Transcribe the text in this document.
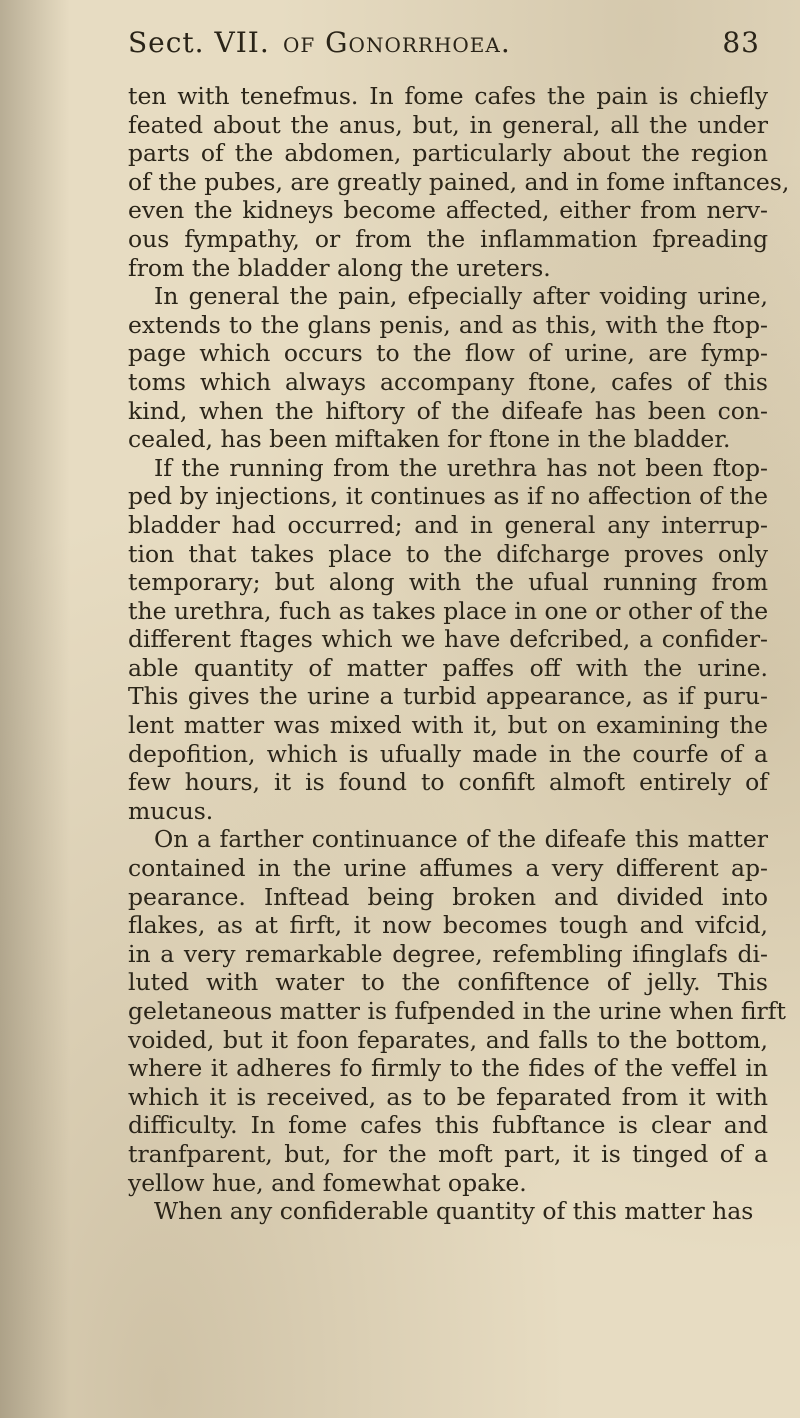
Sect. VII. of Gonorrhoea.	83
ten with tenefmus. In fome cafes the pain is chiefly
feated about the anus, but, in general, all the under
parts of the abdomen, particularly about the region
of the pubes, are greatly pained, and in fome inftances,
even the kidneys become affected, either from nerv-
ous fympathy, or from the inflammation fpreading
from the bladder along the ureters.
In general the pain, efpecially after voiding urine,
extends to the glans penis, and as this, with the ftop-
page which occurs to the flow of urine, are fymp-
toms which always accompany ftone, cafes of this
kind, when the hiftory of the difeafe has been con-
cealed, has been miftaken for ftone in the bladder.
If the running from the urethra has not been ftop-
ped by injections, it continues as if no affection of the
bladder had occurred; and in general any interrup-
tion that takes place to the difcharge proves only
temporary; but along with the ufual running from
the urethra, fuch as takes place in one or other of the
different ftages which we have defcribed, a confider-
able quantity of matter paffes off with the urine.
This gives the urine a turbid appearance, as if puru-
lent matter was mixed with it, but on examining the
depofition, which is ufually made in the courfe of a
few hours, it is found to confift almoft entirely of
mucus.
On a farther continuance of the difeafe this matter
contained in the urine affumes a very different ap-
pearance. Inftead being broken and divided into
flakes, as at firft, it now becomes tough and vifcid,
in a very remarkable degree, refembling ifinglafs di-
luted with water to the confiftence of jelly. This
geletaneous matter is fufpended in the urine when firft
voided, but it foon feparates, and falls to the bottom,
where it adheres fo firmly to the fides of the veffel in
which it is received, as to be feparated from it with
difficulty. In fome cafes this fubftance is clear and
tranfparent, but, for the moft part, it is tinged of a
yellow hue, and fomewhat opake.
When any confiderable quantity of this matter has
